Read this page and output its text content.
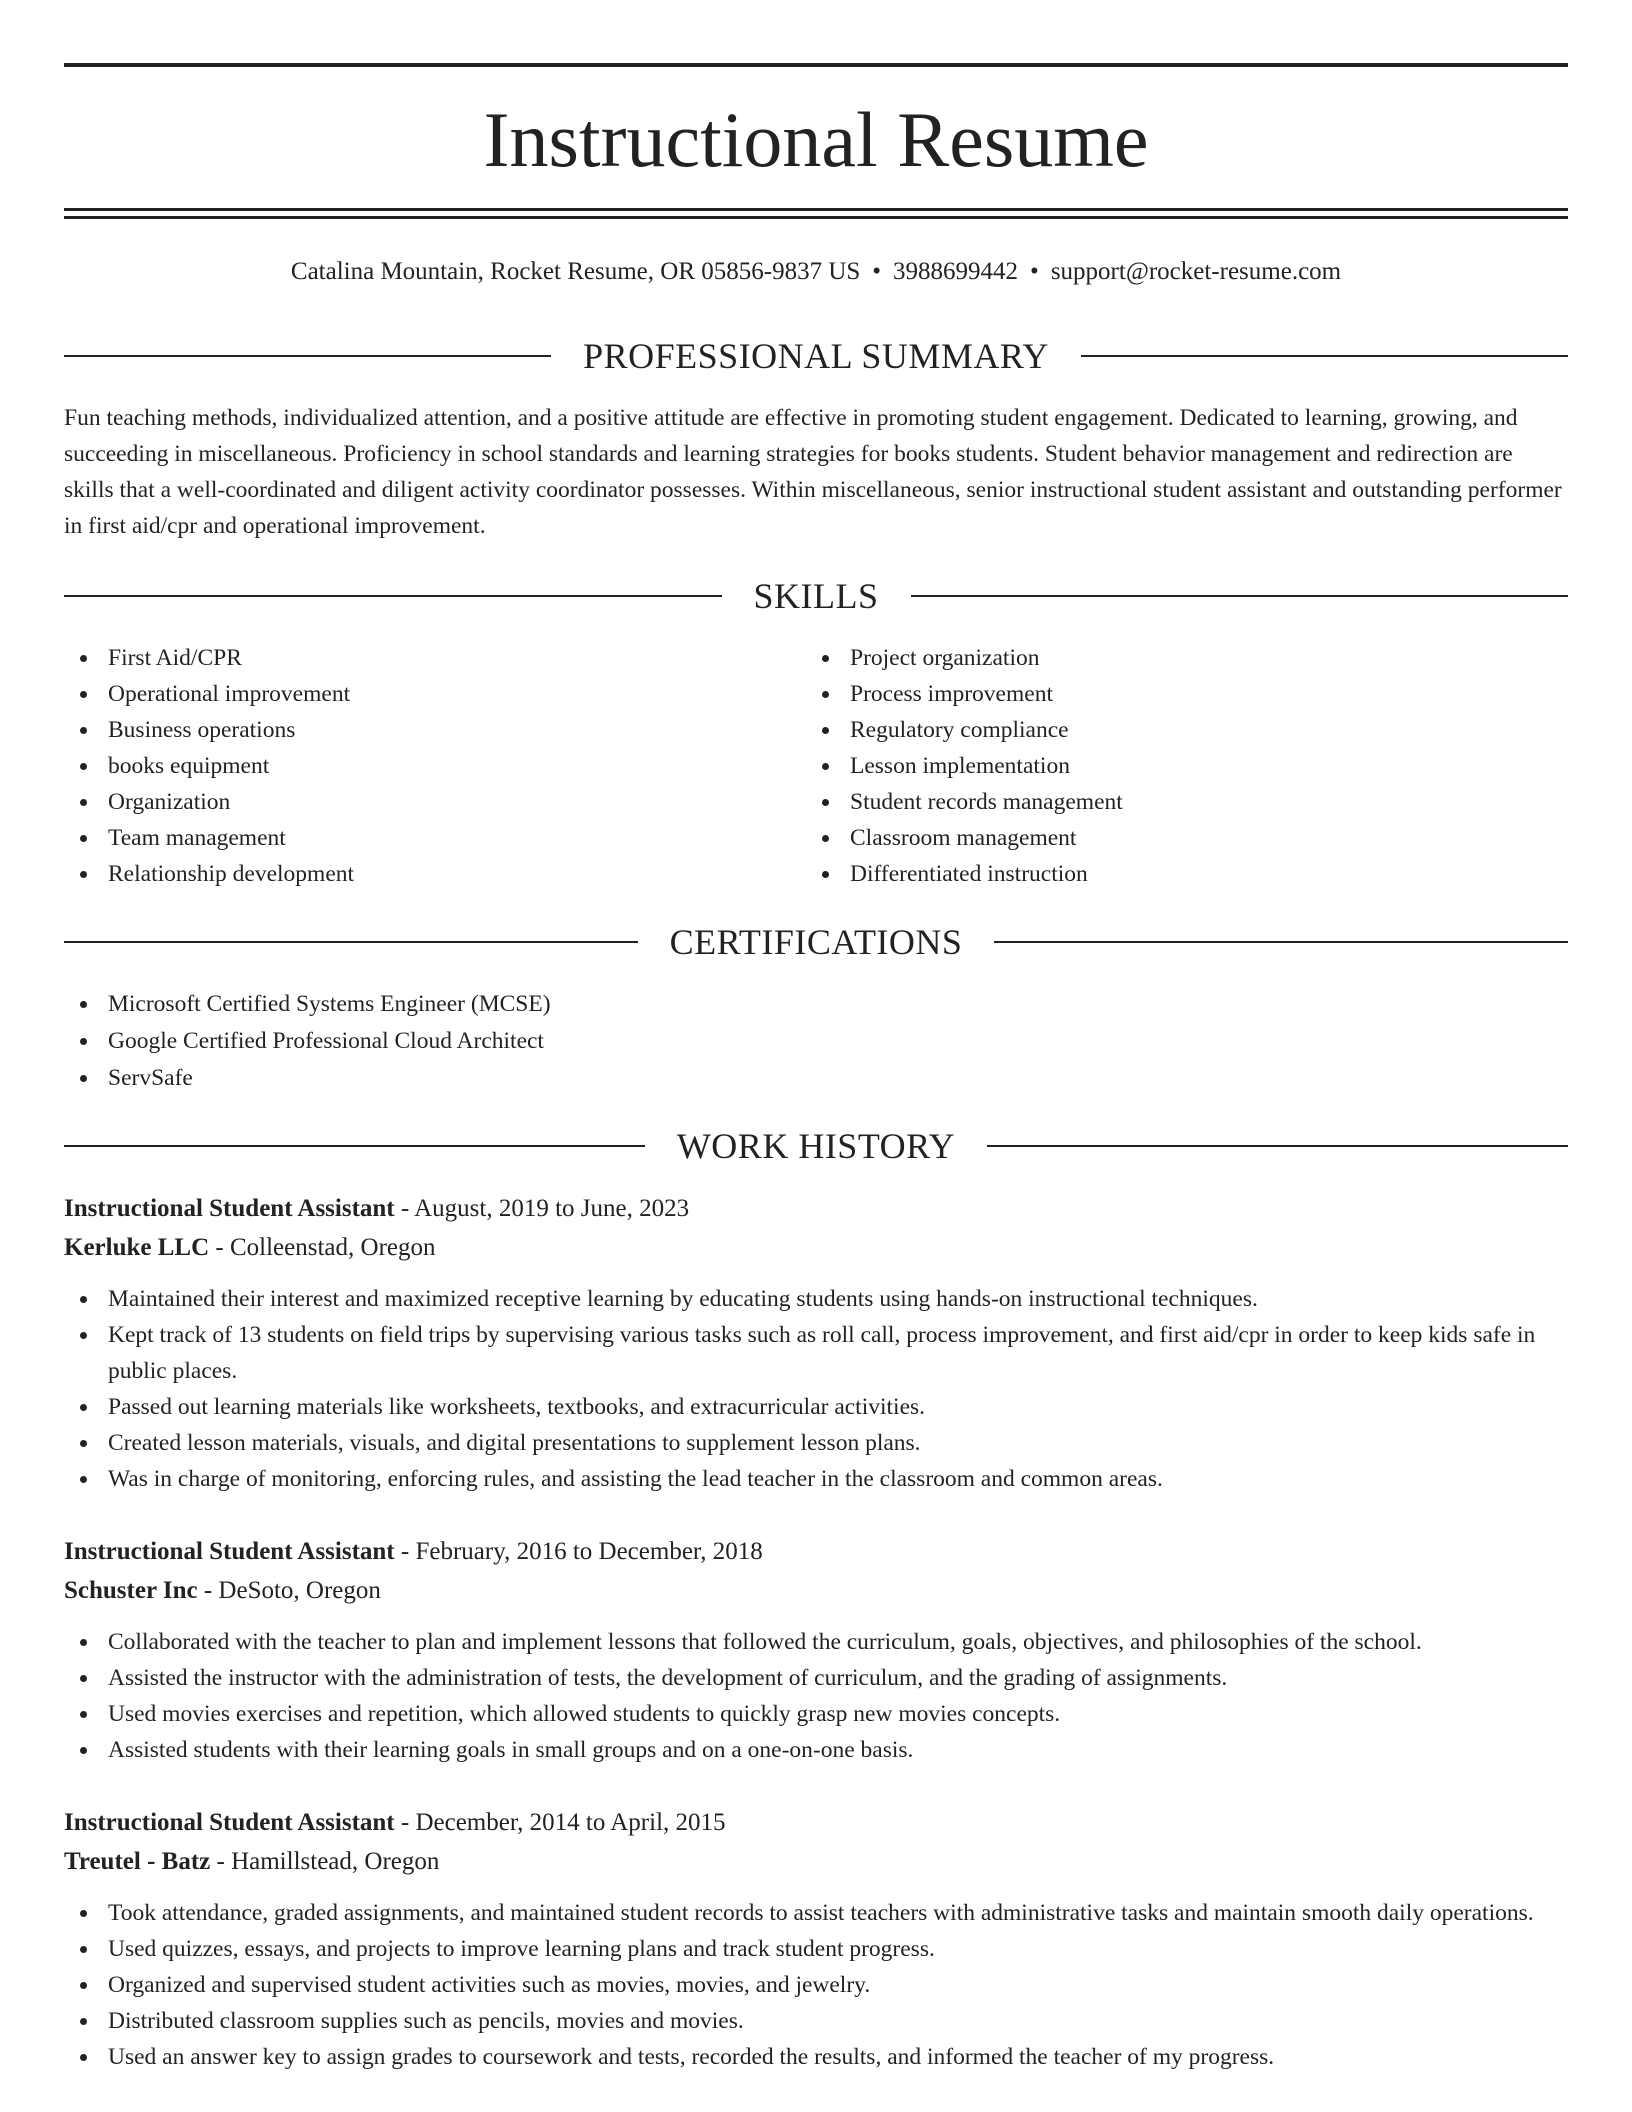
Instructional Resume
Catalina Mountain, Rocket Resume, OR 05856-9837 US • 3988699442 • support@rocket-resume.com
PROFESSIONAL SUMMARY

Fun teaching methods, individualized attention, and a positive attitude are effective in promoting student engagement. Dedicated to learning, growing, and succeeding in miscellaneous. Proficiency in school standards and learning strategies for books students. Student behavior management and redirection are skills that a well-coordinated and diligent activity coordinator possesses. Within miscellaneous, senior instructional student assistant and outstanding performer in first aid/cpr and operational improvement.

SKILLS
First Aid/CPR
Operational improvement
Business operations
books equipment
Organization
Team management
Relationship development
Project organization
Process improvement
Regulatory compliance
Lesson implementation
Student records management
Classroom management
Differentiated instruction
CERTIFICATIONS
Microsoft Certified Systems Engineer (MCSE)
Google Certified Professional Cloud Architect
ServSafe
WORK HISTORY
Instructional Student Assistant - August, 2019 to June, 2023
Kerluke LLC - Colleenstad, Oregon
Maintained their interest and maximized receptive learning by educating students using hands-on instructional techniques.
Kept track of 13 students on field trips by supervising various tasks such as roll call, process improvement, and first aid/cpr in order to keep kids safe in public places.
Passed out learning materials like worksheets, textbooks, and extracurricular activities.
Created lesson materials, visuals, and digital presentations to supplement lesson plans.
Was in charge of monitoring, enforcing rules, and assisting the lead teacher in the classroom and common areas.
Instructional Student Assistant - February, 2016 to December, 2018
Schuster Inc - DeSoto, Oregon
Collaborated with the teacher to plan and implement lessons that followed the curriculum, goals, objectives, and philosophies of the school.
Assisted the instructor with the administration of tests, the development of curriculum, and the grading of assignments.
Used movies exercises and repetition, which allowed students to quickly grasp new movies concepts.
Assisted students with their learning goals in small groups and on a one-on-one basis.
Instructional Student Assistant - December, 2014 to April, 2015
Treutel - Batz - Hamillstead, Oregon
Took attendance, graded assignments, and maintained student records to assist teachers with administrative tasks and maintain smooth daily operations.
Used quizzes, essays, and projects to improve learning plans and track student progress.
Organized and supervised student activities such as movies, movies, and jewelry.
Distributed classroom supplies such as pencils, movies and movies.
Used an answer key to assign grades to coursework and tests, recorded the results, and informed the teacher of my progress.
